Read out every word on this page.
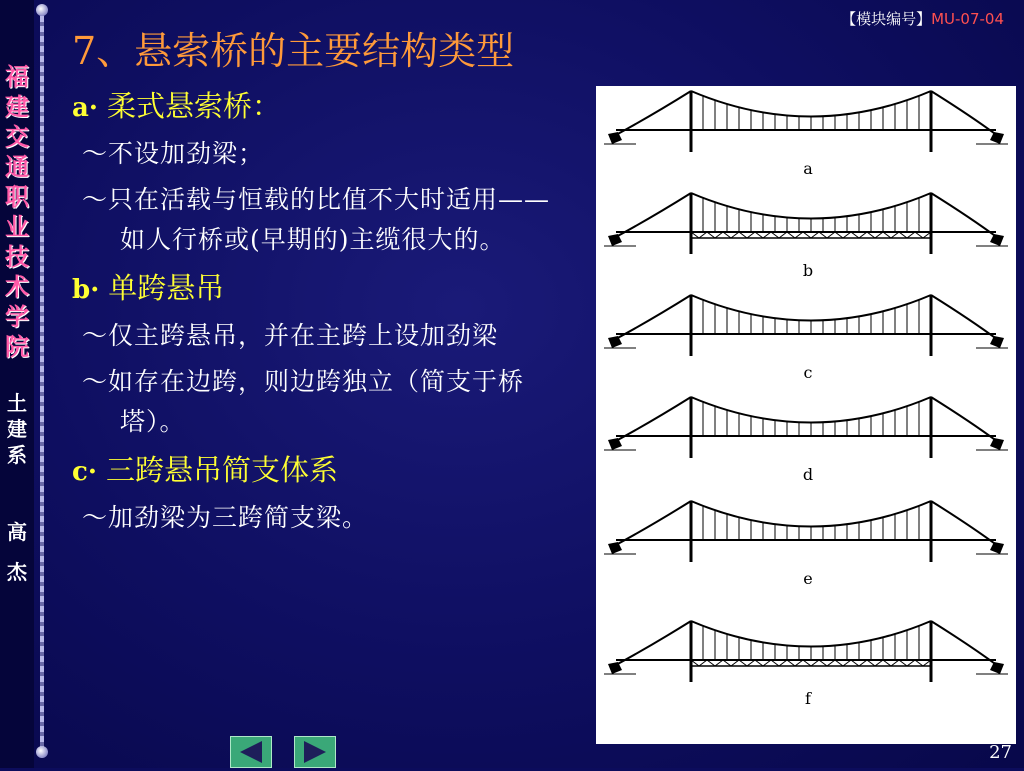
福建交通职业技术学院
土建系
高杰
【模块编号】MU-07-04
7、悬索桥的主要结构类型
a· 柔式悬索桥：
～不设加劲梁；
～只在活载与恒载的比值不大时适用——如人行桥或(早期的)主缆很大的。
b· 单跨悬吊
～仅主跨悬吊，并在主跨上设加劲梁
～如存在边跨，则边跨独立（简支于桥塔）。
c· 三跨悬吊简支体系
～加劲梁为三跨简支梁。
a
b
c
d
e
f
27
